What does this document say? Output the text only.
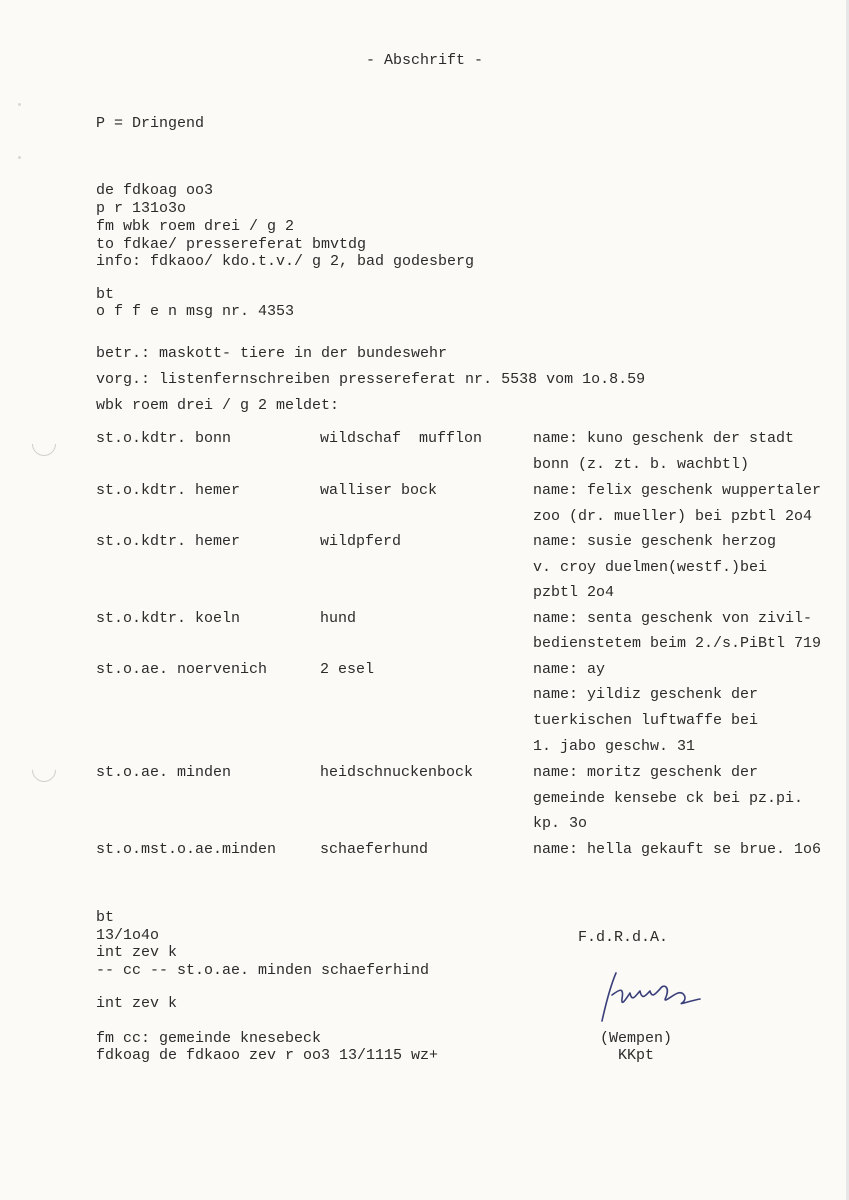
- Abschrift -
P = Dringend
de fdkoag oo3
p r 131o3o
fm wbk roem drei / g 2
to fdkae/ pressereferat bmvtdg
info: fdkaoo/ kdo.t.v./ g 2, bad godesberg
bt
o f f e n msg nr. 4353
betr.: maskott- tiere in der bundeswehr
vorg.: listenfernschreiben pressereferat nr. 5538 vom 1o.8.59
wbk roem drei / g 2 meldet:
st.o.kdtr. bonn	wildschaf  mufflon	name: kuno geschenk der stadt
bonn (z. zt. b. wachbtl)
st.o.kdtr. hemer	walliser bock	name: felix geschenk wuppertaler
zoo (dr. mueller) bei pzbtl 2o4
st.o.kdtr. hemer	wildpferd	name: susie geschenk herzog
v. croy duelmen(westf.)bei
pzbtl 2o4
st.o.kdtr. koeln	hund	name: senta geschenk von zivil-
bedienstetem beim 2./s.PiBtl 719
st.o.ae. noervenich	2 esel	name: ay
name: yildiz geschenk der
tuerkischen luftwaffe bei
1. jabo geschw. 31
st.o.ae. minden	heidschnuckenbock	name: moritz geschenk der
gemeinde kensebe ck bei pz.pi.
kp. 3o
st.o.mst.o.ae.minden	schaeferhund	name: hella gekauft se brue. 1o6
bt
13/1o4o
int zev k
-- cc -- st.o.ae. minden schaeferhind
int zev k
fm cc: gemeinde knesebeck
fdkoag de fdkaoo zev r oo3 13/1115 wz+
F.d.R.d.A.
(Wempen)
KKpt
